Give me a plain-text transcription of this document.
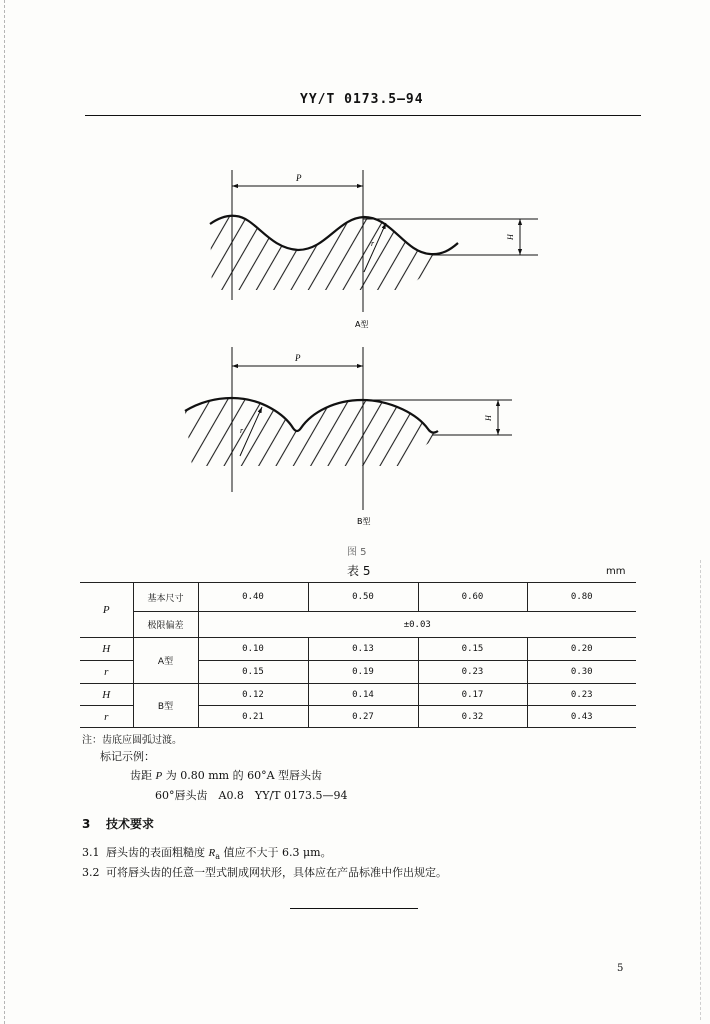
YY/T 0173.5—94
P
H
r
A型
P
H
r
B型
图 5
表 5	mm
P	基本尺寸	0.40	0.50	0.60	0.80
	极限偏差	±0.03			
H	A型	0.10	0.13	0.15	0.20
r		0.15	0.19	0.23	0.30
H	B型	0.12	0.14	0.17	0.23
r		0.21	0.27	0.32	0.43
注：齿底应圆弧过渡。
标记示例：
齿距 P 为 0.80 mm 的 60°A 型唇头齿
60°唇头齿　A0.8　YY/T 0173.5—94
3 技术要求
3.1 唇头齿的表面粗糙度 $R_a$ 值应不大于 6.3 μm。
3.2 可将唇头齿的任意一型式制成网状形，具体应在产品标准中作出规定。
5
